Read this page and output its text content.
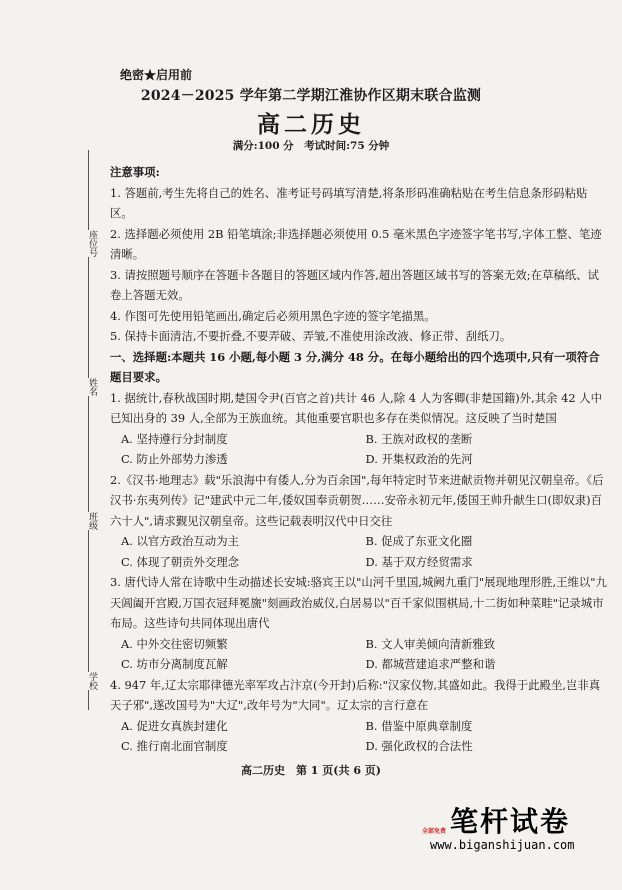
绝密★启用前
2024－2025 学年第二学期江淮协作区期末联合监测
高二历史
满分:100 分　考试时间:75 分钟
座位号
姓名
班级
学校

注意事项:

1. 答题前,考生先将自己的姓名、准考证号码填写清楚,将条形码准确粘贴在考生信息条形码粘贴区。

2. 选择题必须使用 2B 铅笔填涂;非选择题必须使用 0.5 毫米黑色字迹签字笔书写,字体工整、笔迹清晰。

3. 请按照题号顺序在答题卡各题目的答题区域内作答,超出答题区域书写的答案无效;在草稿纸、试卷上答题无效。

4. 作图可先使用铅笔画出,确定后必须用黑色字迹的签字笔描黑。

5. 保持卡面清洁,不要折叠,不要弄破、弄皱,不准使用涂改液、修正带、刮纸刀。

一、选择题:本题共 16 小题,每小题 3 分,满分 48 分。在每小题给出的四个选项中,只有一项符合题目要求。

1. 据统计,春秋战国时期,楚国令尹(百官之首)共计 46 人,除 4 人为客卿(非楚国籍)外,其余 42 人中已知出身的 39 人,全部为王族血统。其他重要官职也多存在类似情况。这反映了当时楚国

A. 坚持遵行分封制度	B. 王族对政权的垄断
C. 防止外部势力渗透	D. 开集权政治的先河

2.《汉书·地理志》载"乐浪海中有倭人,分为百余国",每年特定时节来进献贡物并朝见汉朝皇帝。《后汉书·东夷列传》记"建武中元二年,倭奴国奉贡朝贺……安帝永初元年,倭国王帅升献生口(即奴隶)百六十人",请求觐见汉朝皇帝。这些记载表明汉代中日交往

A. 以官方政治互动为主	B. 促成了东亚文化圈
C. 体现了朝贡外交理念	D. 基于双方经贸需求

3. 唐代诗人常在诗歌中生动描述长安城:骆宾王以"山河千里国,城阙九重门"展现地理形胜,王维以"九天阊阖开宫殿,万国衣冠拜冕旒"刻画政治威仪,白居易以"百千家似围棋局,十二街如种菜畦"记录城市布局。这些诗句共同体现出唐代

A. 中外交往密切频繁	B. 文人审美倾向清新雅致
C. 坊市分离制度瓦解	D. 都城营建追求严整和谐

4. 947 年,辽太宗耶律德光率军攻占汴京(今开封)后称:"汉家仪物,其盛如此。我得于此殿坐,岂非真天子邪",遂改国号为"大辽",改年号为"大同"。辽太宗的言行意在

A. 促进女真族封建化	B. 借鉴中原典章制度
C. 推行南北面官制度	D. 强化政权的合法性
高二历史　第 1 页(共 6 页)
笔杆试卷
全部免费
www.biganshijuan.com
